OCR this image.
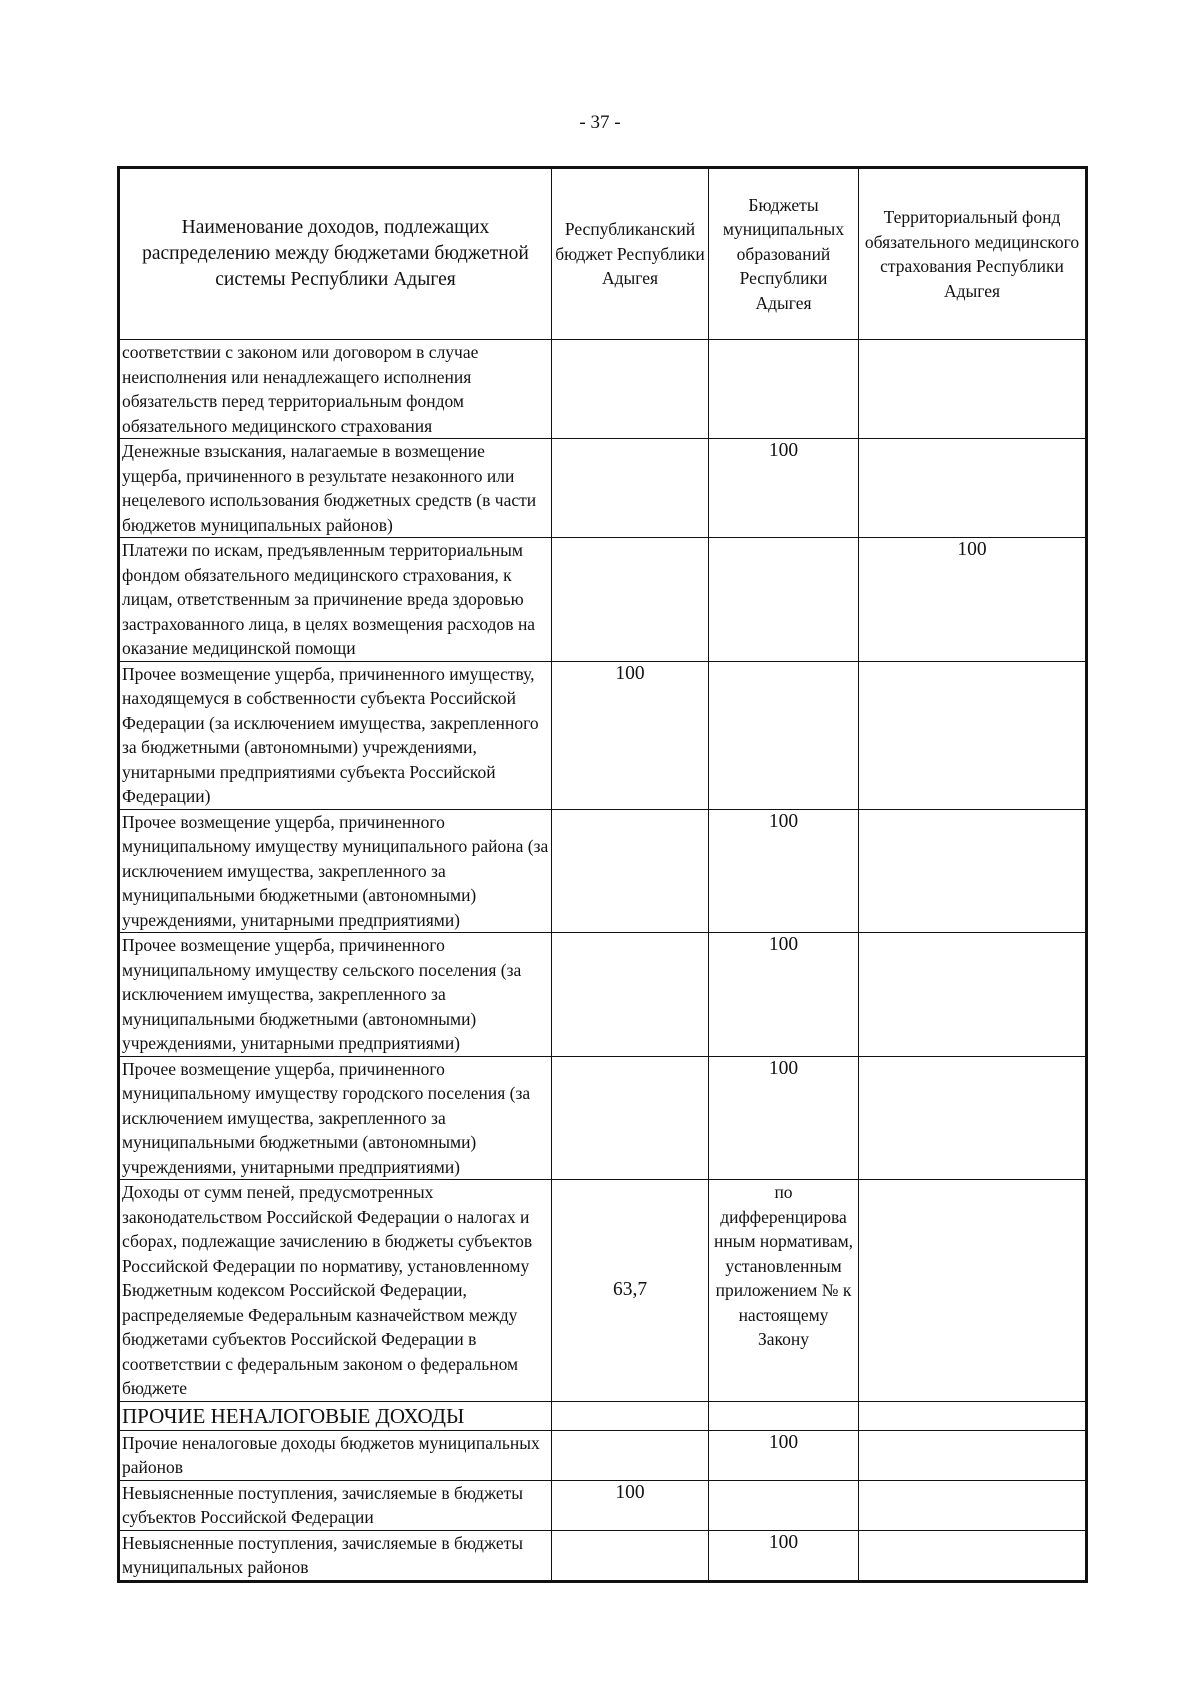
- 37 -
Наименование доходов, подлежащих распределению между бюджетами бюджетной системы Республики Адыгея	Республиканский бюджет Республики Адыгея	Бюджеты муниципальных образований Республики Адыгея	Территориальный фонд обязательного медицинского страхования Республики Адыгея
соответствии с законом или договором в случае неисполнения или ненадлежащего исполнения обязательств перед территориальным фондом обязательного медицинского страхования			
Денежные взыскания, налагаемые в возмещение ущерба, причиненного в результате незаконного или нецелевого использования бюджетных средств (в части бюджетов муниципальных районов)		100	
Платежи по искам, предъявленным территориальным фондом обязательного медицинского страхования, к лицам, ответственным за причинение вреда здоровью застрахованного лица, в целях возмещения расходов на оказание медицинской помощи			100
Прочее возмещение ущерба, причиненного имуществу, находящемуся в собственности субъекта Российской Федерации (за исключением имущества, закрепленного за бюджетными (автономными) учреждениями, унитарными предприятиями субъекта Российской Федерации)	100		
Прочее возмещение ущерба, причиненного муниципальному имуществу муниципального района (за исключением имущества, закрепленного за муниципальными бюджетными (автономными) учреждениями, унитарными предприятиями)		100	
Прочее возмещение ущерба, причиненного муниципальному имуществу сельского поселения (за исключением имущества, закрепленного за муниципальными бюджетными (автономными) учреждениями, унитарными предприятиями)		100	
Прочее возмещение ущерба, причиненного муниципальному имуществу городского поселения (за исключением имущества, закрепленного за муниципальными бюджетными (автономными) учреждениями, унитарными предприятиями)		100	
Доходы от сумм пеней, предусмотренных законодательством Российской Федерации о налогах и сборах, подлежащие зачислению в бюджеты субъектов Российской Федерации по нормативу, установленному Бюджетным кодексом Российской Федерации, распределяемые Федеральным казначейством между бюджетами субъектов Российской Федерации в соответствии с федеральным законом о федеральном бюджете	63,7	по дифференцирова нным нормативам, установленным приложением № к настоящему Закону	
ПРОЧИЕ НЕНАЛОГОВЫЕ ДОХОДЫ			
Прочие неналоговые доходы бюджетов муниципальных районов		100	
Невыясненные поступления, зачисляемые в бюджеты субъектов Российской Федерации	100		
Невыясненные поступления, зачисляемые в бюджеты муниципальных районов		100	
